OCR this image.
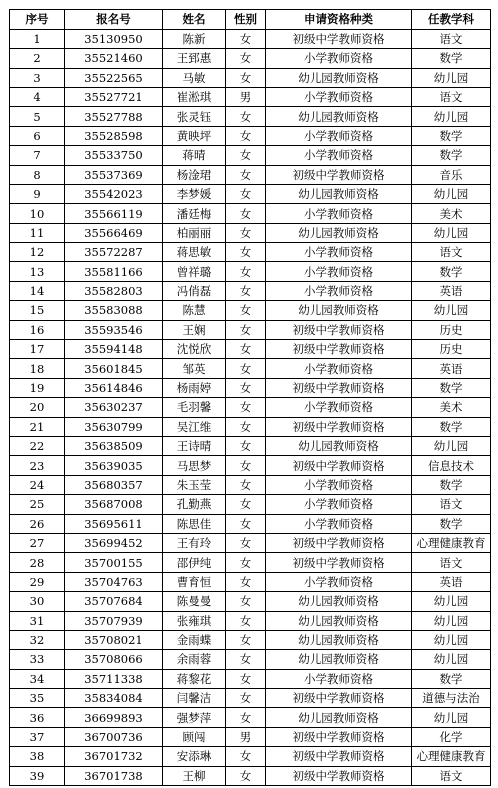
序号	报名号	姓名	性别	申请资格种类	任教学科
1	35130950	陈新	女	初级中学教师资格	语文
2	35521460	王郅惠	女	小学教师资格	数学
3	35522565	马敏	女	幼儿园教师资格	幼儿园
4	35527721	崔淞琪	男	小学教师资格	语文
5	35527788	张灵钰	女	幼儿园教师资格	幼儿园
6	35528598	黄映坪	女	小学教师资格	数学
7	35533750	蒋晴	女	小学教师资格	数学
8	35537369	杨淦珺	女	初级中学教师资格	音乐
9	35542023	李梦媛	女	幼儿园教师资格	幼儿园
10	35566119	潘廷梅	女	小学教师资格	美术
11	35566469	柏丽丽	女	幼儿园教师资格	幼儿园
12	35572287	蒋思敏	女	小学教师资格	语文
13	35581166	曾祥璐	女	小学教师资格	数学
14	35582803	冯俏磊	女	小学教师资格	英语
15	35583088	陈慧	女	幼儿园教师资格	幼儿园
16	35593546	王娴	女	初级中学教师资格	历史
17	35594148	沈悦欣	女	初级中学教师资格	历史
18	35601845	邹英	女	小学教师资格	英语
19	35614846	杨雨婷	女	初级中学教师资格	数学
20	35630237	毛羽馨	女	小学教师资格	美术
21	35630799	吴江维	女	初级中学教师资格	数学
22	35638509	王诗晴	女	幼儿园教师资格	幼儿园
23	35639035	马思梦	女	初级中学教师资格	信息技术
24	35680357	朱玉莹	女	小学教师资格	数学
25	35687008	孔勤燕	女	小学教师资格	语文
26	35695611	陈思佳	女	小学教师资格	数学
27	35699452	王有玲	女	初级中学教师资格	心理健康教育
28	35700155	邵伊纯	女	初级中学教师资格	语文
29	35704763	曹育恒	女	小学教师资格	英语
30	35707684	陈曼曼	女	幼儿园教师资格	幼儿园
31	35707939	张雍琪	女	幼儿园教师资格	幼儿园
32	35708021	金雨蝶	女	幼儿园教师资格	幼儿园
33	35708066	余雨蓉	女	幼儿园教师资格	幼儿园
34	35711338	蒋黎花	女	小学教师资格	数学
35	35834084	闫馨洁	女	初级中学教师资格	道德与法治
36	36699893	强梦萍	女	幼儿园教师资格	幼儿园
37	36700736	顾闯	男	初级中学教师资格	化学
38	36701732	安添琳	女	初级中学教师资格	心理健康教育
39	36701738	王柳	女	初级中学教师资格	语文
